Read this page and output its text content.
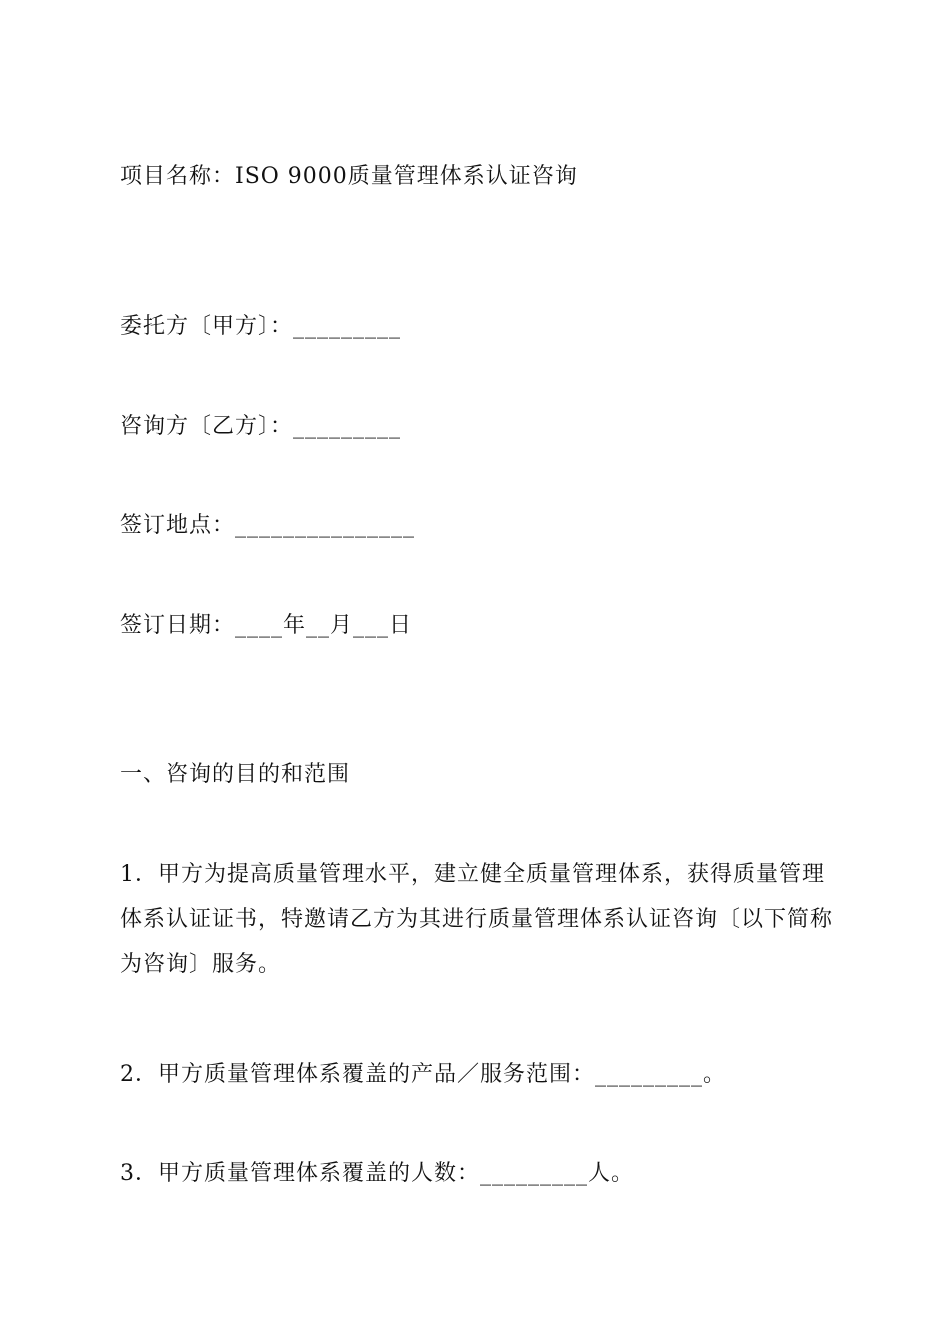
项目名称：ISO 9000质量管理体系认证咨询
委托方〔甲方〕：_________
咨询方〔乙方〕：_________
签订地点：_______________
签订日期：____年__月___日
一、咨询的目的和范围
1．甲方为提高质量管理水平，建立健全质量管理体系，获得质量管理体系认证证书，特邀请乙方为其进行质量管理体系认证咨询〔以下简称为咨询〕服务。
2．甲方质量管理体系覆盖的产品／服务范围：_________。
3．甲方质量管理体系覆盖的人数：_________人。
